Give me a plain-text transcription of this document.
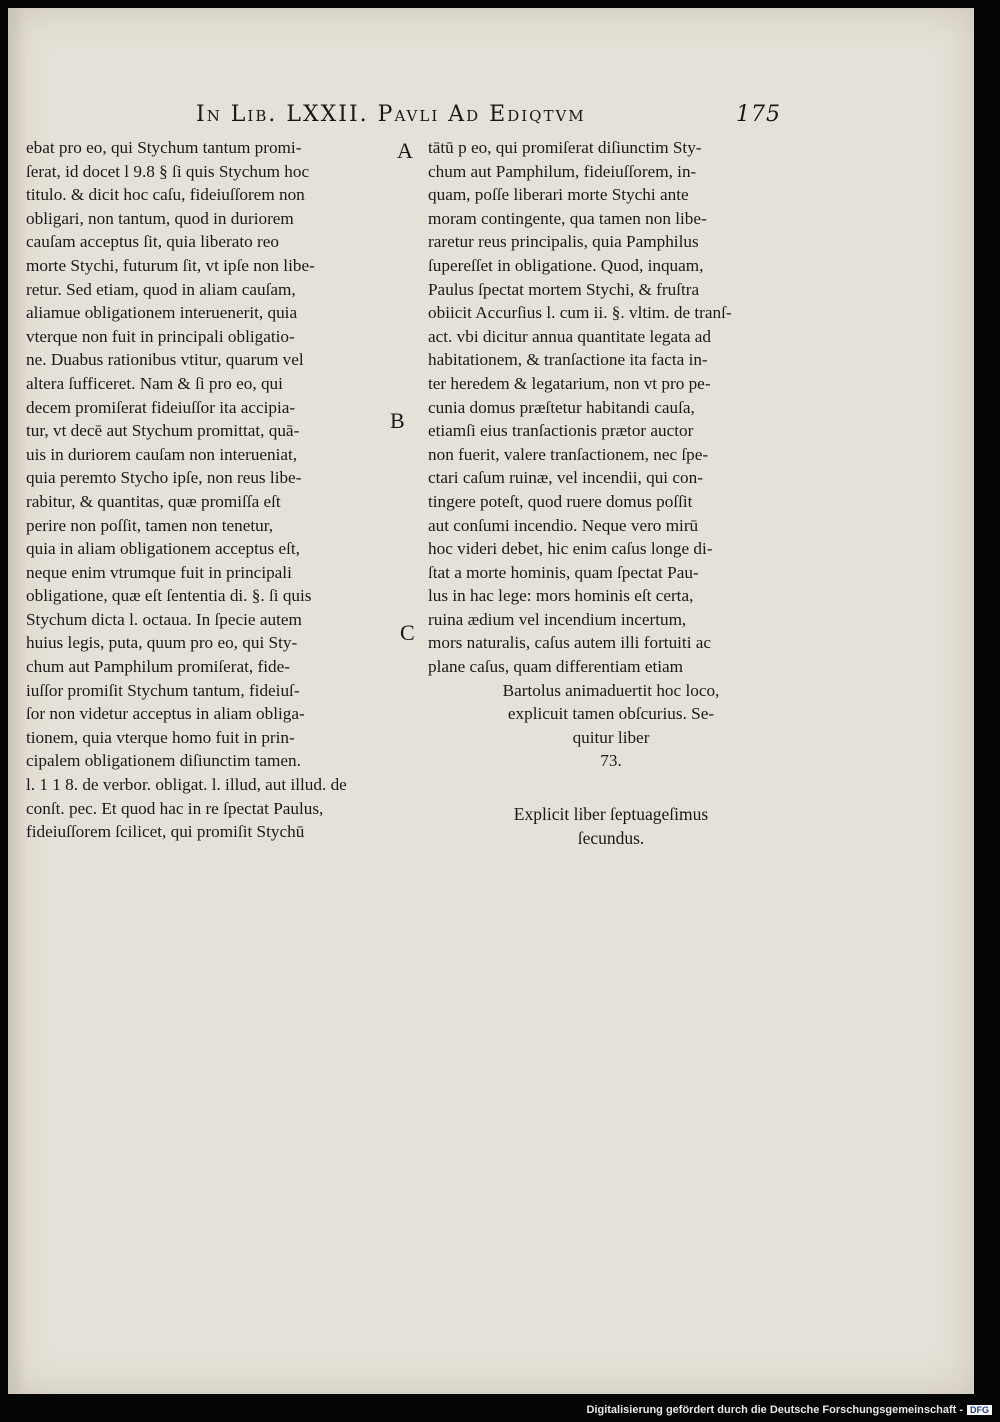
In Lib. LXXII. Pavli Ad Ediqtvm	175
ebat pro eo, qui Stychum tantum promi-
ſerat, id docet l 9.8 § ſi quis Stychum hoc
titulo. & dicit hoc caſu, fideiuſſorem non
obligari, non tantum, quod in duriorem
cauſam acceptus ſit, quia liberato reo
morte Stychi, futurum ſit, vt ipſe non libe-
retur. Sed etiam, quod in aliam cauſam,
aliamue obligationem interuenerit, quia
vterque non fuit in principali obligatio-
ne. Duabus rationibus vtitur, quarum vel
altera ſufficeret. Nam & ſi pro eo, qui
decem promiſerat fideiuſſor ita accipia-
tur, vt decē aut Stychum promittat, quā-
uis in duriorem cauſam non interueniat,
quia peremto Stycho ipſe, non reus libe-
rabitur, & quantitas, quæ promiſſa eſt
perire non poſſit, tamen non tenetur,
quia in aliam obligationem acceptus eſt,
neque enim vtrumque fuit in principali
obligatione, quæ eſt ſententia di. §. ſi quis
Stychum dicta l. octaua. In ſpecie autem
huius legis, puta, quum pro eo, qui Sty-
chum aut Pamphilum promiſerat, fide-
iuſſor promiſit Stychum tantum, fideiuſ-
ſor non videtur acceptus in aliam obliga-
tionem, quia vterque homo fuit in prin-
cipalem obligationem diſiunctim tamen.
l. 1 1 8. de verbor. obligat. l. illud, aut illud. de
conſt. pec. Et quod hac in re ſpectat Paulus,
fideiuſſorem ſcilicet, qui promiſit Stychū
tātū p eo, qui promiſerat diſiunctim Sty-
chum aut Pamphilum, fideiuſſorem, in-
quam, poſſe liberari morte Stychi ante
moram contingente, qua tamen non libe-
raretur reus principalis, quia Pamphilus
ſupereſſet in obligatione. Quod, inquam,
Paulus ſpectat mortem Stychi, & fruſtra
obiicit Accurſius l. cum ii. §. vltim. de tranſ-
act. vbi dicitur annua quantitate legata ad
habitationem, & tranſactione ita facta in-
ter heredem & legatarium, non vt pro pe-
cunia domus præſtetur habitandi cauſa,
etiamſi eius tranſactionis prætor auctor
non fuerit, valere tranſactionem, nec ſpe-
ctari caſum ruinæ, vel incendii, qui con-
tingere poteſt, quod ruere domus poſſit
aut conſumi incendio. Neque vero mirū
hoc videri debet, hic enim caſus longe di-
ſtat a morte hominis, quam ſpectat Pau-
lus in hac lege: mors hominis eſt certa,
ruina ædium vel incendium incertum,
mors naturalis, caſus autem illi fortuiti ac
plane caſus, quam differentiam etiam
Bartolus animaduertit hoc loco,
explicuit tamen obſcurius. Se-
quitur liber
73.
A
B
C
Explicit liber ſeptuageſimus
ſecundus.
Digitalisierung gefördert durch die Deutsche Forschungsgemeinschaft - DFG
